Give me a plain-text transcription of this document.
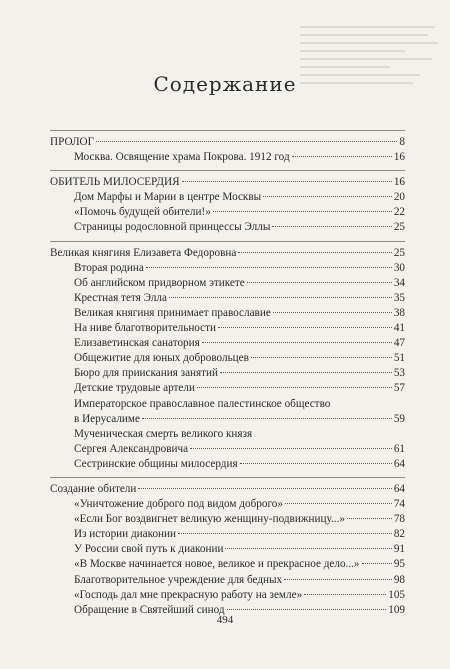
Содержание
ПРОЛОГ	8
Москва. Освящение храма Покрова. 1912 год	16
ОБИТЕЛЬ МИЛОСЕРДИЯ	16
Дом Марфы и Марии в центре Москвы	20
«Помочь будущей обители!»	22
Страницы родословной принцессы Эллы	25
Великая княгиня Елизавета Федоровна	25
Вторая родина	30
Об английском придворном этикете	34
Крестная тетя Элла	35
Великая княгиня принимает православие	38
На ниве благотворительности	41
Елизаветинская санатория	47
Общежитие для юных добровольцев	51
Бюро для приискания занятий	53
Детские трудовые артели	57
Императорское православное палестинское общество
в Иерусалиме	59
Мученическая смерть великого князя
Сергея Александровича	61
Сестринские общины милосердия	64
Создание обители	64
«Уничтожение доброго под видом доброго»	74
«Если Бог воздвигнет великую женщину-подвижницу...»	78
Из истории диаконии	82
У России свой путь к диаконии	91
«В Москве начинается новое, великое и прекрасное дело...»	95
Благотворительное учреждение для бедных	98
«Господь дал мне прекрасную работу на земле»	105
Обращение в Святейший синод	109
494
